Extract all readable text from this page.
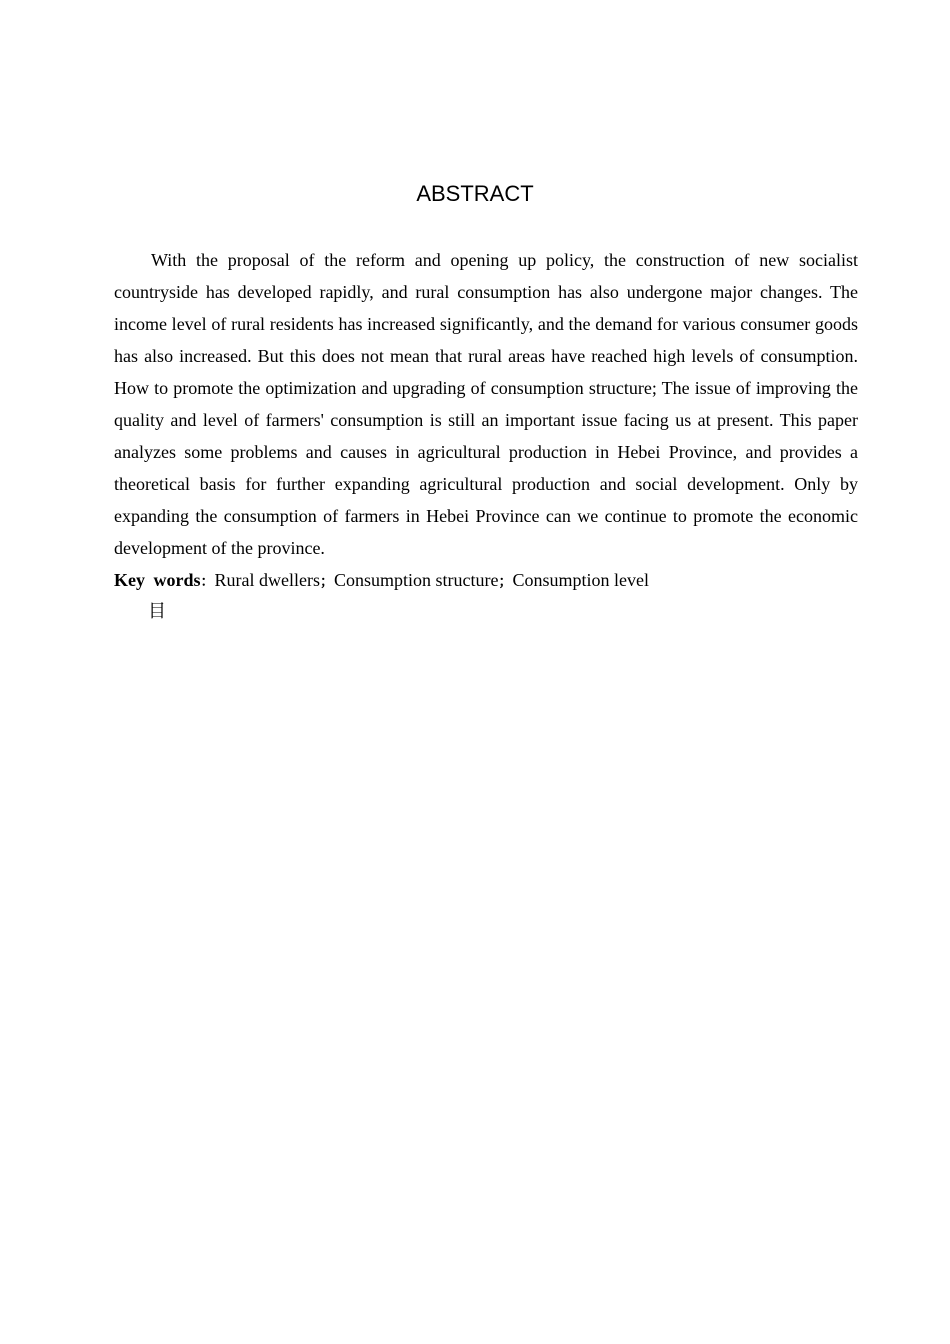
ABSTRACT

With the proposal of the reform and opening up policy, the construction of new socialist countryside has developed rapidly, and rural consumption has also undergone major changes. The income level of rural residents has increased significantly, and the demand for various consumer goods has also increased. But this does not mean that rural areas have reached high levels of consumption. How to promote the optimization and upgrading of consumption structure; The issue of improving the quality and level of farmers' consumption is still an important issue facing us at present. This paper analyzes some problems and causes in agricultural production in Hebei Province, and provides a theoretical basis for further expanding agricultural production and social development. Only by expanding the consumption of farmers in Hebei Province can we continue to promote the economic development of the province.

Key words：Rural dwellers；Consumption structure；Consumption level

目
